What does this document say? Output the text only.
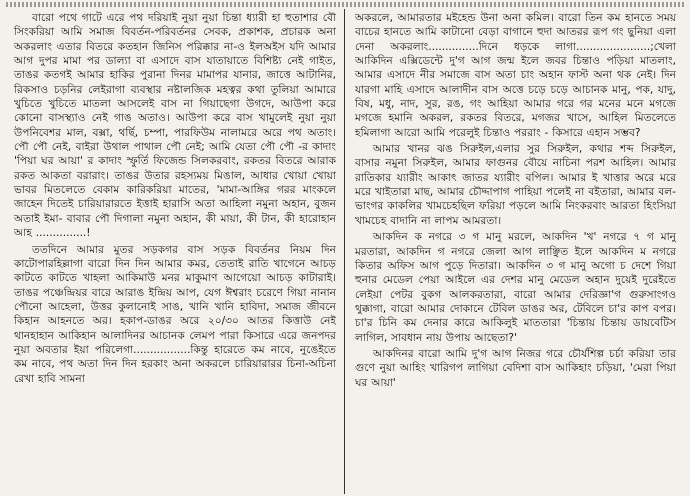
বারো পথে গাটে এরে পথ দরিয়াই নুয়া নুয়া চিন্তা ধ্যারী হা হুতাশার বৌ সিংকরিয়া আমি সমাজ বিবর্তন-পরিবর্তনর সেবক, প্রকাশক, প্রচারক অনা অকরলাং এতার বিতরে কতহান জিনিস পরিক্কার না-ও ইলঅইস যদি আমার আগ দুপর মামা পর ডাল্যা বা এসাদে বাস যাতায়াতে বিশিষ্ট্য নেই গাইত, তাঙর কতগই আমার হাকির পুরানা দিনর মামাপর যানার, জাত্তে আটানির, রিকসাও চড়নির লেইরাগা ব্যবস্থার নষ্টালজিক মহত্বর কথা তুলিয়া আমারে খুচিতে খুচিতে মাতলা আসলেই বাস না গিয়াছেগা উগদে, আউপা করে কোনো বাসস্থ্যাও নেই গাঙ অতাও। আউপা করে বাস খামুলেই নুয়া নুয়া উপনিবেশর মাল, বক্সা, থর্ছি, চম্পা, পারফিউম নালামরে অরে পথ অতাং। পৌ পৌ নেই, বাইরা উথাল পাথাল পৌ নেই; আমি যেতা পৌ পৌ -র কাদাং 'পিয়া ঘর আয়া' র কাদাং স্ফুর্তি ফিজেন্ড সিলকরবাং, রকতর বিতরে আরাক রকত আকতা বরারাং। তাঙর উতার রহস্যময় মিঙাল, আধার খোয়া খোয়া ভাবর মিতলেতে বেকাম কারিকরিয়া মাতের, 'মামা-আঙ্গির গরর মাংকলে জাহেন দিতেই চারিয়ারারতে ইত্তাই হারাসি অতা আহিলা নমুনা অহান, বুজন অতাই ইমা- বাবার পৌ দিগালা নমুনা অহান, কী মায়া, কী টান, কী হারোহান আহ ...............!

ততদিনে আমার মুতর সড়কগর বাস সড়ক বিবর্তনর নিয়ম দিন কাটোপারহিল্লাগা বারো দিন দিন আমার কমর, তেতাই রাতি খাগেনে আচড় কাটতে কাটতে খাহলা আকিমাউ মনর মাকুমাণ আগেয়ো আচড় কাটারাই। তাঙর পঞ্চেন্দ্রিয়র বারে আরাঙ ইন্দ্রিয় আপ, যেগ ঈশ্বরাং চরেণে গিয়া নানান পৌনো আহেলা, উত্তর কুলানোই সাঙ, খানি খানি হাবিদা, সমাজ জীবনে কিহান আহনতে অর। হকাপ-ডাঙর অরে ২০/৩০ আতর কিত্তাউ নেই থানহাহান আকিহান আলাদিনর আচানক লেমপ পারা কিসারে এরে জনপদর নুয়া অবতার ইয়া পরিলেগা.................কিন্তু হারেতে কম নাবে, নুঙেইতে কম নাবে, পথ অতা দিন দিন হরকাং অনা অকরলে চারিয়ারারর চিনা-অচিনা রেখা হাবি সামনা

অকরলে, আমারতার মইহেন্ড উনা অনা কমিল। বারো তিন কম হানতে সময় বাচের হানতে আমি কাটানো বেড়া বাগানে হুদা আতরর রূপ গং ছুনিয়া এলা দেনা অকরলাং...............দিনে ধড়কে লাগা......................;খেলা আকিদিন এক্সিডেন্টে দু'গ আগ জন্ম ইলে জবর চিন্তাও পড়িয়া মাতলাং, আমার এসাদে নীর সমাজে বাস অতা চাং অহান ফাস্ট অনা থক নেই। দিন যারগা মাহি এসাদে আলাদীন বাস অত্তে চড়ে চড়ে আচানক মানু, পক, যাদু, বিষ, মধু, নাদ, সুর, রঙ, গং আহিয়া আমার গরে গর মনের মনে মগজে মগজে হমানি অকরল, রকতর বিতরে, মগজর খাসে, আহিল মিতলেতে হমিলাগা আরো আমি পরেলুই চিন্তাও পররাং - কিসারে এহান সম্ভব?

আমার খানর ঝঙ সিরুইল,এলার সুর সিরুইল, কথার শব্দ সিরুইল, বাসার নমুনা সিরুইল, আমার ফাগুনর বৌয়ে নাচিনা পরশ আহিল। আমার রাতিকার য্যারীং আকাৎ জাতর য্যারীং বপিল। আমার ই খাত্তার অরে মরে মরে খাইতারা মাছ, আমার চৌদ্দাপাগ পাহিয়া পলেই না বইতারা, আমার বল-ভাংগর কাকলির খামচেহছিল ফরিয়া পড়লে আমি নিংকরবাং আরতা হিংসিয়া খামচেহ বাদানি না লাপম আমরতা।

আকদিন ক নগরে ৩ গ মানু মরলে, আকদিন 'খ' নগরে ৭ গ মানু মরতারা, আকদিন গ নগরে জেলা আগ লাঞ্ছিত ইলে আকদিন ম নগরে কিতার অফিস আগ পুড়ে দিতারা। আকদিন ৩ গ মানু অগো চ দেশে গিয়া হুনার মেডেল পেয়া আইলে এর দেশর মানু মেডেল অহান দুয়েই দুরেইতে লেইয়া পেটর বুকগ আলকরতারা, বারো আমার দেরিজ্ঞা'গ গুরুসাংগও থুক্কাগা, বারো আমার দোকানে টেবিল ডাঙর অর, টেবিলে চা'র কাপ বপর। চা'র চিনি কম দেনার কারে আকিলুই মাততারা 'চিন্তায় চিন্তায় ডায়বেটিস লাগিল, সাবধান নায় উপায় আছেতা?'

আকদিনর বারো আমি দু'গ আগ নিজর গরে চৌর্যশিল্প চর্চা করিয়া তার গুণে নুয়া আহিং খারিগপ লাগিয়া বেদিশা বাস আকিহাং চড়িয়া, 'মেরা পিয়া ঘর আয়া'
